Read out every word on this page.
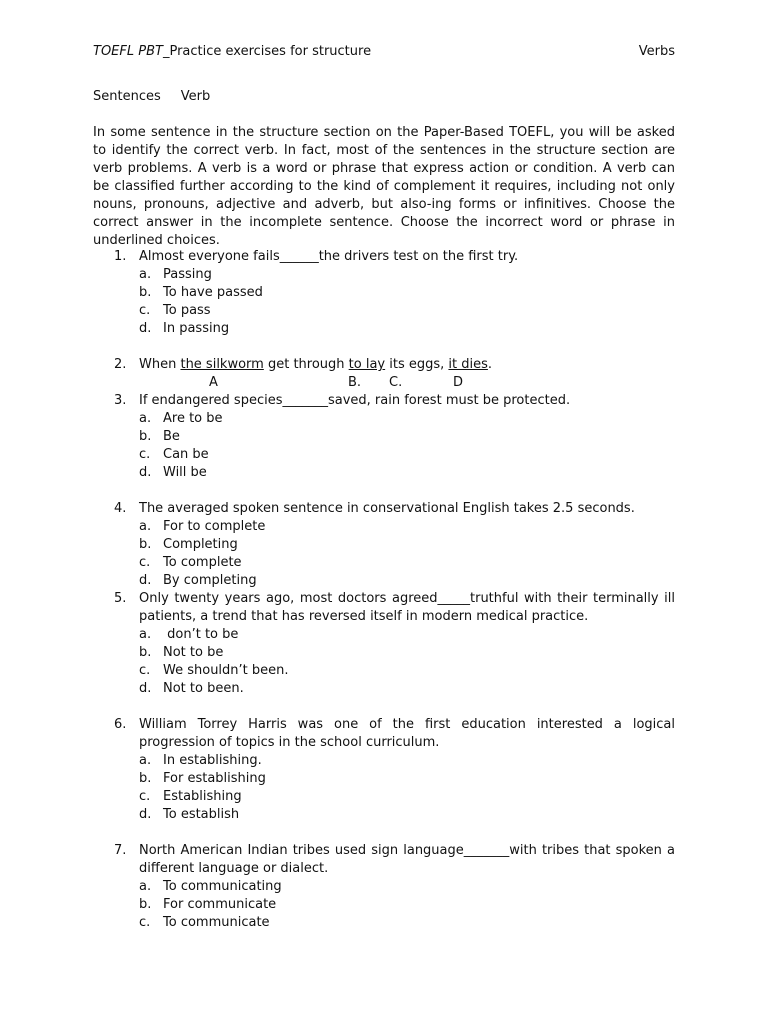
TOEFL PBT_Practice exercises for structure	Verbs
Sentences Verb

In some sentence in the structure section on the Paper-Based TOEFL, you will be asked to identify the correct verb. In fact, most of the sentences in the structure section are verb problems. A verb is a word or phrase that express action or condition. A verb can be classified further according to the kind of complement it requires, including not only nouns, pronouns, adjective and adverb, but also-ing forms or infinitives. Choose the correct answer in the incomplete sentence. Choose the incorrect word or phrase in underlined choices.

1. Almost everyone fails______the drivers test on the first try.
a. Passing
b. To have passed
c. To pass
d. In passing
2. When the silkworm get through to lay its eggs, it dies.
A	B. C.	D
3. If endangered species_______saved, rain forest must be protected.
a. Are to be
b. Be
c. Can be
d. Will be
4. The averaged spoken sentence in conservational English takes 2.5 seconds.
a. For to complete
b. Completing
c. To complete
d. By completing
5. Only twenty years ago, most doctors agreed_____truthful with their terminally ill patients, a trend that has reversed itself in modern medical practice.
a. don’t to be
b. Not to be
c. We shouldn’t been.
d. Not to been.
6. William Torrey Harris was one of the first education interested a logical progression of topics in the school curriculum.
a. In establishing.
b. For establishing
c. Establishing
d. To establish
7. North American Indian tribes used sign language_______with tribes that spoken a different language or dialect.
a. To communicating
b. For communicate
c. To communicate
